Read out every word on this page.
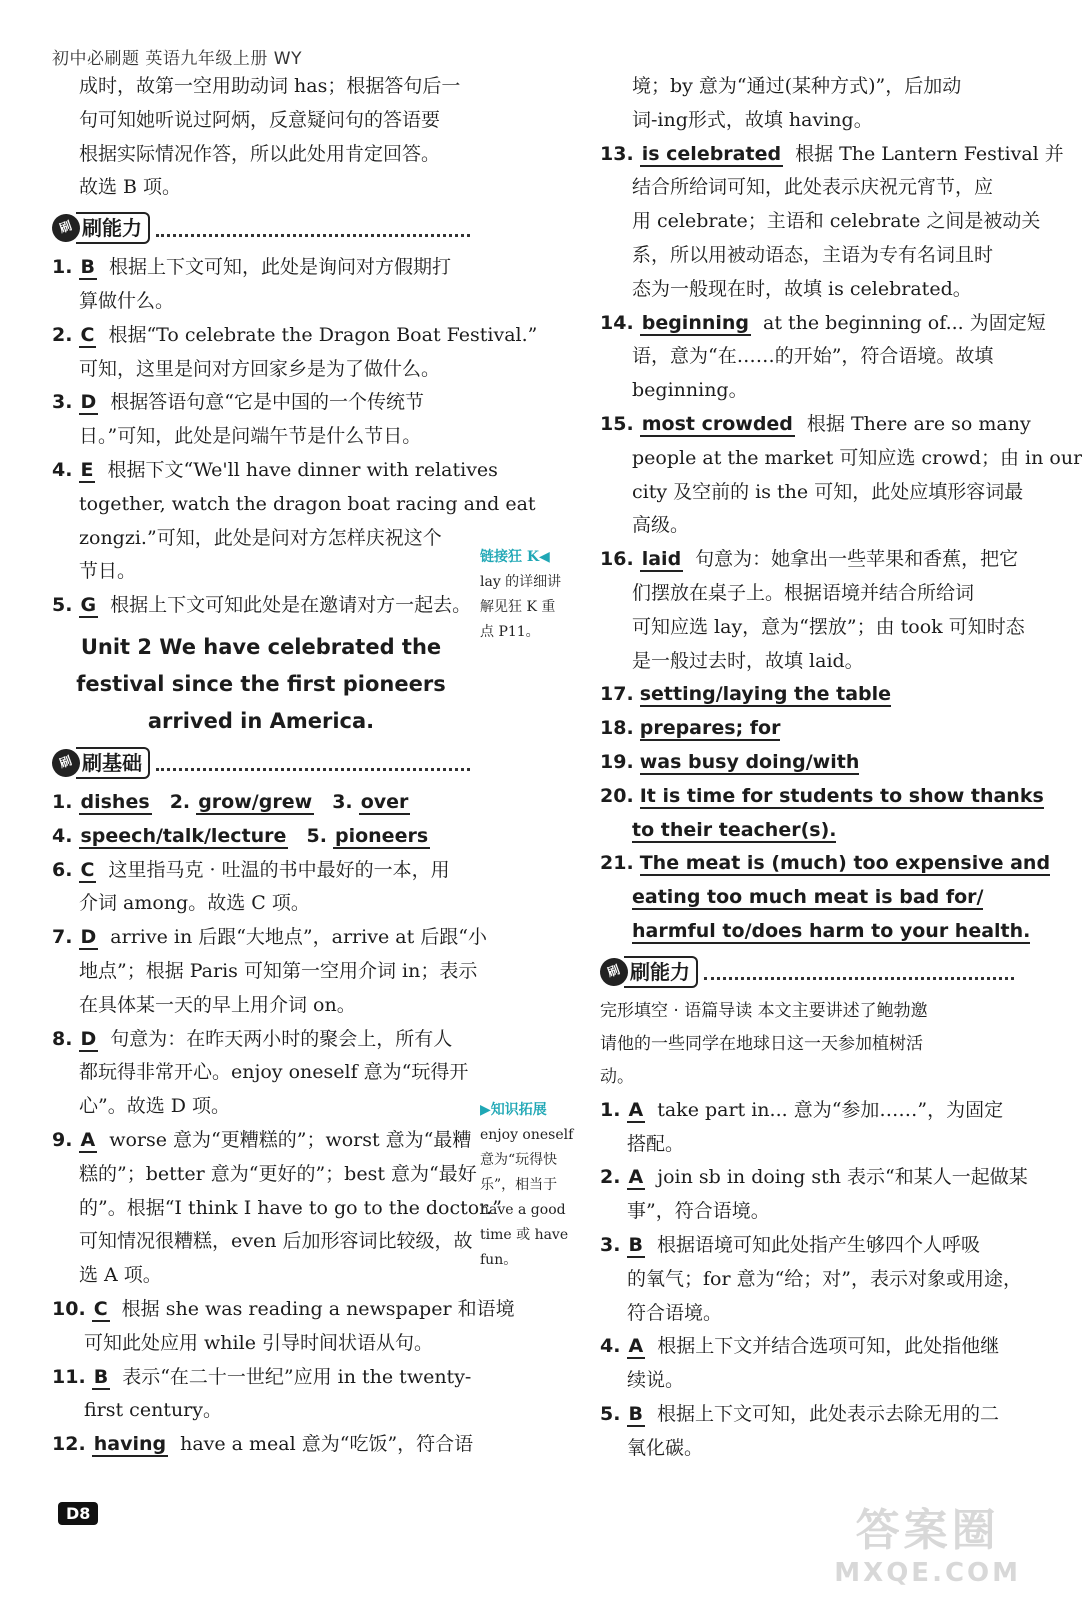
初中必刷题 英语九年级上册 WY
成时，故第一空用助动词 has；根据答句后一
句可知她听说过阿炳，反意疑问句的答语要
根据实际情况作答，所以此处用肯定回答。
故选 B 项。
刷 刷能力
1. B 根据上下文可知，此处是询问对方假期打
算做什么。
2. C 根据“To celebrate the Dragon Boat Festival.”
可知，这里是问对方回家乡是为了做什么。
3. D 根据答语句意“它是中国的一个传统节
日。”可知，此处是问端午节是什么节日。
4. E 根据下文“We'll have dinner with relatives
together, watch the dragon boat racing and eat
zongzi.”可知，此处是问对方怎样庆祝这个
节日。
5. G 根据上下文可知此处是在邀请对方一起去。
Unit 2 We have celebrated the
festival since the first pioneers
arrived in America.
刷 刷基础
1. dishes 2. grow/grew 3. over
4. speech/talk/lecture 5. pioneers
6. C 这里指马克 · 吐温的书中最好的一本，用
介词 among。故选 C 项。
7. D arrive in 后跟“大地点”，arrive at 后跟“小
地点”；根据 Paris 可知第一空用介词 in；表示
在具体某一天的早上用介词 on。
8. D 句意为：在昨天两小时的聚会上，所有人
都玩得非常开心。enjoy oneself 意为“玩得开
心”。故选 D 项。
9. A worse 意为“更糟糕的”；worst 意为“最糟
糕的”；better 意为“更好的”；best 意为“最好
的”。根据“I think I have to go to the doctor.”
可知情况很糟糕，even 后加形容词比较级，故
选 A 项。
10. C 根据 she was reading a newspaper 和语境
可知此处应用 while 引导时间状语从句。
11. B 表示“在二十一世纪”应用 in the twenty-
first century。
12. having have a meal 意为“吃饭”，符合语
链接狂 K◀
lay 的详细讲
解见狂 K 重
点 P11。
▶知识拓展
enjoy oneself
意为“玩得快
乐”，相当于
have a good
time 或 have
fun。
境；by 意为“通过(某种方式)”，后加动
词-ing形式，故填 having。
13. is celebrated 根据 The Lantern Festival 并
结合所给词可知，此处表示庆祝元宵节，应
用 celebrate；主语和 celebrate 之间是被动关
系，所以用被动语态，主语为专有名词且时
态为一般现在时，故填 is celebrated。
14. beginning at the beginning of... 为固定短
语，意为“在……的开始”，符合语境。故填
beginning。
15. most crowded 根据 There are so many
people at the market 可知应选 crowd；由 in our
city 及空前的 is the 可知，此处应填形容词最
高级。
16. laid 句意为：她拿出一些苹果和香蕉，把它
们摆放在桌子上。根据语境并结合所给词
可知应选 lay，意为“摆放”；由 took 可知时态
是一般过去时，故填 laid。
17. setting/laying the table
18. prepares; for
19. was busy doing/with
20. It is time for students to show thanks
to their teacher(s).
21. The meat is (much) too expensive and
eating too much meat is bad for/
harmful to/does harm to your health.
刷 刷能力
完形填空 · 语篇导读 本文主要讲述了鲍勃邀
请他的一些同学在地球日这一天参加植树活
动。
1. A take part in... 意为“参加……”，为固定
搭配。
2. A join sb in doing sth 表示“和某人一起做某
事”，符合语境。
3. B 根据语境可知此处指产生够四个人呼吸
的氧气；for 意为“给；对”，表示对象或用途，
符合语境。
4. A 根据上下文并结合选项可知，此处指他继
续说。
5. B 根据上下文可知，此处表示去除无用的二
氧化碳。
D8	答案圈
MXQE.COM
